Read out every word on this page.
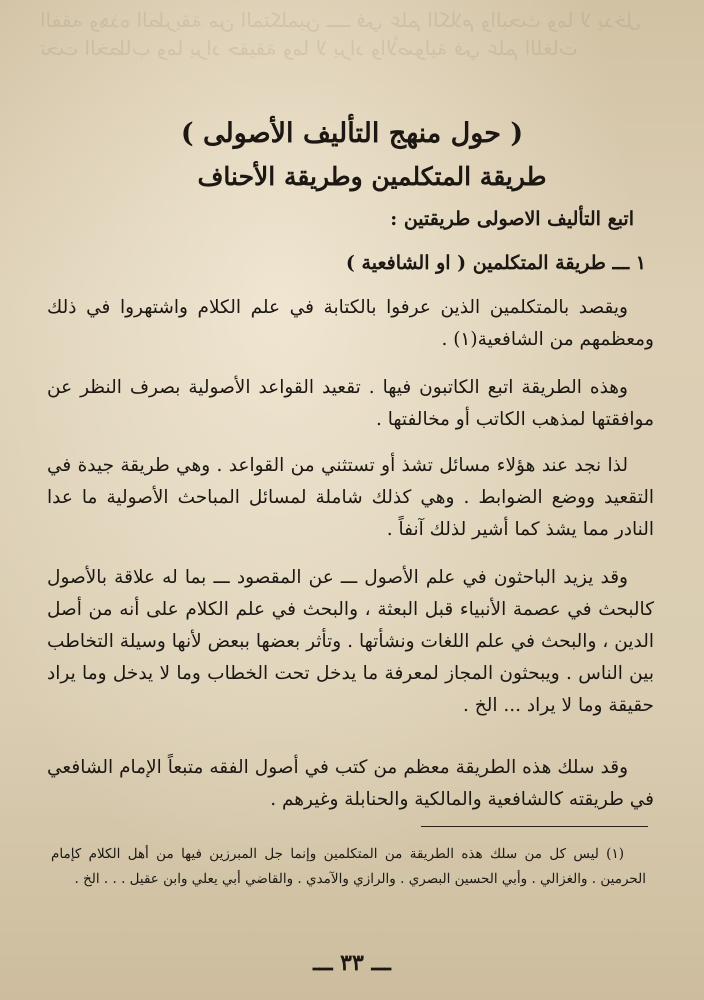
الفقه وهذه الطريقة من المتكلمين ــــ في علم الكلام والبحث وما لا يدخل تحت الخطاب وما يراد حقيقة وما لا يراد والأصولية في علم اللغات
( حول منهج التأليف الأصولى )
طريقة المتكلمين وطريقة الأحناف
اتبع التأليف الاصولى طريقتين :
١ ـــ طريقة المتكلمين ( او الشافعية )

ويقصد بالمتكلمين الذين عرفوا بالكتابة في علم الكلام واشتهروا في ذلك ومعظمهم من الشافعية(١) .

وهذه الطريقة اتبع الكاتبون فيها . تقعيد القواعد الأصولية بصرف النظر عن موافقتها لمذهب الكاتب أو مخالفتها .

لذا نجد عند هؤلاء مسائل تشذ أو تستثني من القواعد . وهي طريقة جيدة في التقعيد ووضع الضوابط . وهي كذلك شاملة لمسائل المباحث الأصولية ما عدا النادر مما يشذ كما أشير لذلك آنفاً .

وقد يزيد الباحثون في علم الأصول ـــ عن المقصود ـــ بما له علاقة بالأصول كالبحث في عصمة الأنبياء قبل البعثة ، والبحث في علم الكلام على أنه من أصل الدين ، والبحث في علم اللغات ونشأتها . وتأثر بعضها ببعض لأنها وسيلة التخاطب بين الناس . ويبحثون المجاز لمعرفة ما يدخل تحت الخطاب وما لا يدخل وما يراد حقيقة وما لا يراد ... الخ .

وقد سلك هذه الطريقة معظم من كتب في أصول الفقه متبعاً الإمام الشافعي في طريقته كالشافعية والمالكية والحنابلة وغيرهم .

(١) ليس كل من سلك هذه الطريقة من المتكلمين وإنما جل المبرزين فيها من أهل الكلام كإمام الحرمين . والغزالي . وأبي الحسين البصري . والرازي والآمدي . والقاضي أبي يعلي وابن عقيل . . . الخ .

ـــ ٣٣ ـــ
